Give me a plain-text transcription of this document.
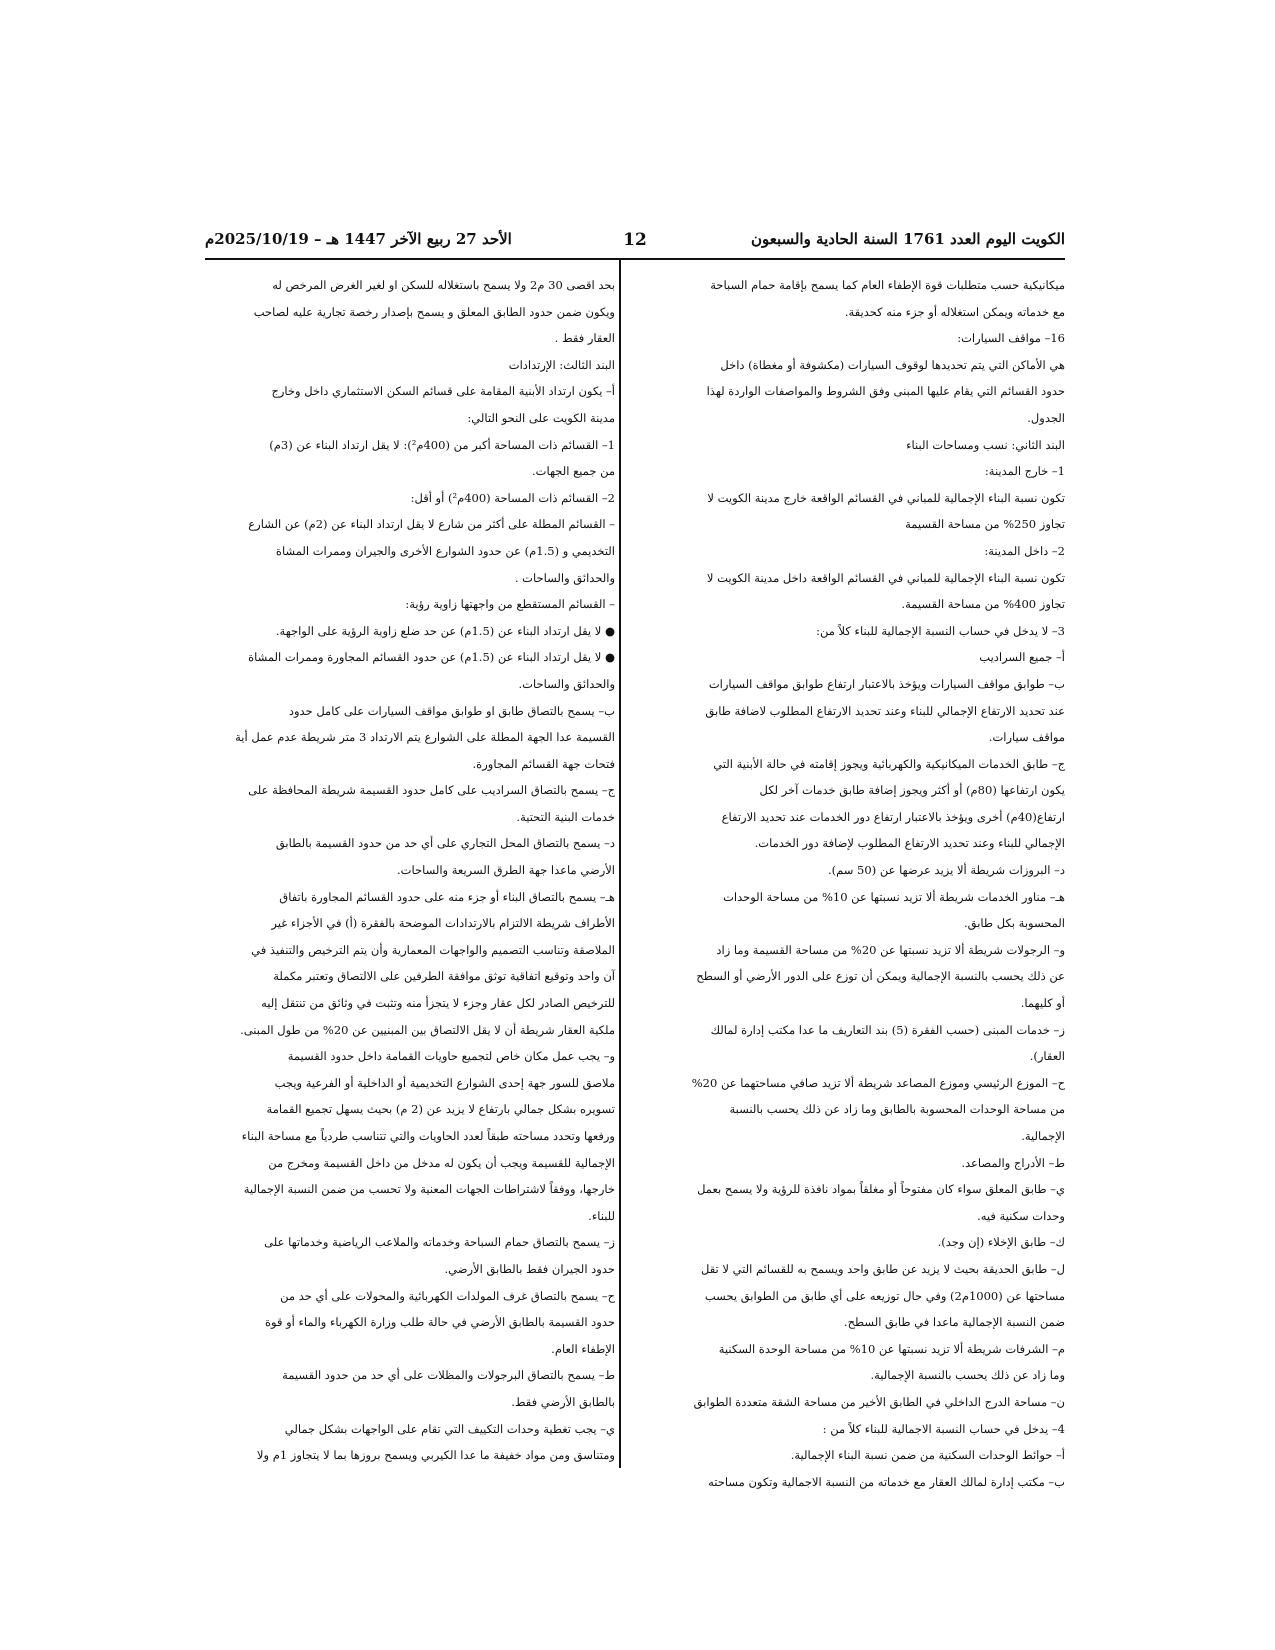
الكويت اليوم العدد 1761 السنة الحادية والسبعون
12
الأحد 27 ربيع الآخر 1447 هـ – 2025/10/19م

ميكانيكية حسب متطلبات قوة الإطفاء العام كما يسمح بإقامة حمام السباحة

مع خدماته ويمكن استغلاله أو جزء منه كحديقة.

16– مواقف السيارات:

هي الأماكن التي يتم تحديدها لوقوف السيارات (مكشوفة أو مغطاة) داخل

حدود القسائم التي يقام عليها المبنى وفق الشروط والمواصفات الواردة لهذا

الجدول.

البند الثاني: نسب ومساحات البناء

1– خارج المدينة:

تكون نسبة البناء الإجمالية للمباني في القسائم الواقعة خارج مدينة الكويت لا

تجاوز 250% من مساحة القسيمة

2– داخل المدينة:

تكون نسبة البناء الإجمالية للمباني في القسائم الواقعة داخل مدينة الكويت لا

تجاوز 400% من مساحة القسيمة.

3– لا يدخل في حساب النسبة الإجمالية للبناء كلاً من:

أ– جميع السراديب

ب– طوابق مواقف السيارات ويؤخذ بالاعتبار ارتفاع طوابق مواقف السيارات

عند تحديد الارتفاع الإجمالي للبناء وعند تحديد الارتفاع المطلوب لاضافة طابق

مواقف سيارات.

ج– طابق الخدمات الميكانيكية والكهربائية ويجوز إقامته في حالة الأبنية التي

يكون ارتفاعها (80م) أو أكثر ويجوز إضافة طابق خدمات آخر لكل

ارتفاع(40م) أخرى ويؤخذ بالاعتبار ارتفاع دور الخدمات عند تحديد الارتفاع

الإجمالي للبناء وعند تحديد الارتفاع المطلوب لإضافة دور الخدمات.

د– البروزات شريطة ألا يزيد عرضها عن (50 سم).

هـ– مناور الخدمات شريطة ألا تزيد نسبتها عن 10% من مساحة الوحدات

المحسوبة بكل طابق.

و– الرجولات شريطة ألا تزيد نسبتها عن 20% من مساحة القسيمة وما زاد

عن ذلك يحسب بالنسبة الإجمالية ويمكن أن توزع على الدور الأرضي أو السطح

أو كليهما.

ز– خدمات المبنى (حسب الفقرة (5) بند التعاريف ما عدا مكتب إدارة لمالك

العقار).

ح– الموزع الرئيسي وموزع المصاعد شريطة ألا تزيد صافي مساحتهما عن 20%

من مساحة الوحدات المحسوبة بالطابق وما زاد عن ذلك يحسب بالنسبة

الإجمالية.

ط– الأدراج والمصاعد.

ي– طابق المعلق سواء كان مفتوحاً أو مغلقاً بمواد نافذة للرؤية ولا يسمح بعمل

وحدات سكنية فيه.

ك– طابق الإخلاء (إن وجد).

ل– طابق الحديقة بحيث لا يزيد عن طابق واحد ويسمح به للقسائم التي لا تقل

مساحتها عن (1000م2) وفي حال توزيعه على أي طابق من الطوابق يحسب

ضمن النسبة الإجمالية ماعدا في طابق السطح.

م– الشرفات شريطة ألا تزيد نسبتها عن 10% من مساحة الوحدة السكنية

وما زاد عن ذلك يحسب بالنسبة الإجمالية.

ن– مساحة الدرج الداخلي في الطابق الأخير من مساحة الشقة متعددة الطوابق

4– يدخل في حساب النسبة الاجمالية للبناء كلاً من :

أ– حوائط الوحدات السكنية من ضمن نسبة البناء الإجمالية.

ب– مكتب إدارة لمالك العقار مع خدماته من النسبة الاجمالية وتكون مساحته

بحد اقصى 30 م2 ولا يسمح باستغلاله للسكن او لغير الغرض المرخص له

ويكون ضمن حدود الطابق المعلق و يسمح بإصدار رخصة تجارية عليه لصاحب

العقار فقط .

البند الثالث: الإرتدادات

أ– يكون ارتداد الأبنية المقامة على قسائم السكن الاستثماري داخل وخارج

مدينة الكويت على النحو التالي:

1– القسائم ذات المساحة أكبر من (400م²): لا يقل ارتداد البناء عن (3م)

من جميع الجهات.

2– القسائم ذات المساحة (400م²) أو أقل:

– القسائم المطلة على أكثر من شارع لا يقل ارتداد البناء عن (2م) عن الشارع

التخديمي و (1.5م) عن حدود الشوارع الأخرى والجيران وممرات المشاة

والحدائق والساحات .

– القسائم المستقطع من واجهتها زاوية رؤية:

● لا يقل ارتداد البناء عن (1.5م) عن حد ضلع زاوية الرؤية على الواجهة.

● لا يقل ارتداد البناء عن (1.5م) عن حدود القسائم المجاورة وممرات المشاة

والحدائق والساحات.

ب– يسمح بالتصاق طابق او طوابق مواقف السيارات على كامل حدود

القسيمة عدا الجهة المطلة على الشوارع يتم الارتداد 3 متر شريطة عدم عمل أية

فتحات جهة القسائم المجاورة.

ج– يسمح بالتصاق السراديب على كامل حدود القسيمة شريطة المحافظة على

خدمات البنية التحتية.

د– يسمح بالتصاق المحل التجاري على أي حد من حدود القسيمة بالطابق

الأرضي ماعدا جهة الطرق السريعة والساحات.

هـ– يسمح بالتصاق البناء أو جزء منه على حدود القسائم المجاورة باتفاق

الأطراف شريطة الالتزام بالارتدادات الموضحة بالفقرة (أ) في الأجزاء غير

الملاصقة وتناسب التصميم والواجهات المعمارية وأن يتم الترخيص والتنفيذ في

آن واحد وتوقيع اتفاقية توثق موافقة الطرفين على الالتصاق وتعتبر مكملة

للترخيص الصادر لكل عقار وجزء لا يتجزأ منه وتثبت في وثائق من تنتقل إليه

ملكية العقار شريطة أن لا يقل الالتصاق بين المبنيين عن 20% من طول المبنى.

و– يجب عمل مكان خاص لتجميع حاويات القمامة داخل حدود القسيمة

ملاصق للسور جهة إحدى الشوارع التخديمية أو الداخلية أو الفرعية ويجب

تسويره بشكل جمالي بارتفاع لا يزيد عن (2 م) بحيث يسهل تجميع القمامة

ورفعها وتحدد مساحته طبقاً لعدد الحاويات والتي تتناسب طردياً مع مساحة البناء

الإجمالية للقسيمة ويجب أن يكون له مدخل من داخل القسيمة ومخرج من

خارجها، ووفقاً لاشتراطات الجهات المعنية ولا تحسب من ضمن النسبة الإجمالية

للبناء.

ز– يسمح بالتصاق حمام السباحة وخدماته والملاعب الرياضية وخدماتها على

حدود الجيران فقط بالطابق الأرضي.

ح– يسمح بالتصاق غرف المولدات الكهربائية والمحولات على أي حد من

حدود القسيمة بالطابق الأرضي في حالة طلب وزارة الكهرباء والماء أو قوة

الإطفاء العام.

ط– يسمح بالتصاق البرجولات والمظلات على أي حد من حدود القسيمة

بالطابق الأرضي فقط.

ي– يجب تغطية وحدات التكييف التي تقام على الواجهات بشكل جمالي

ومتناسق ومن مواد خفيفة ما عدا الكيربي ويسمح بروزها بما لا يتجاوز 1م ولا
